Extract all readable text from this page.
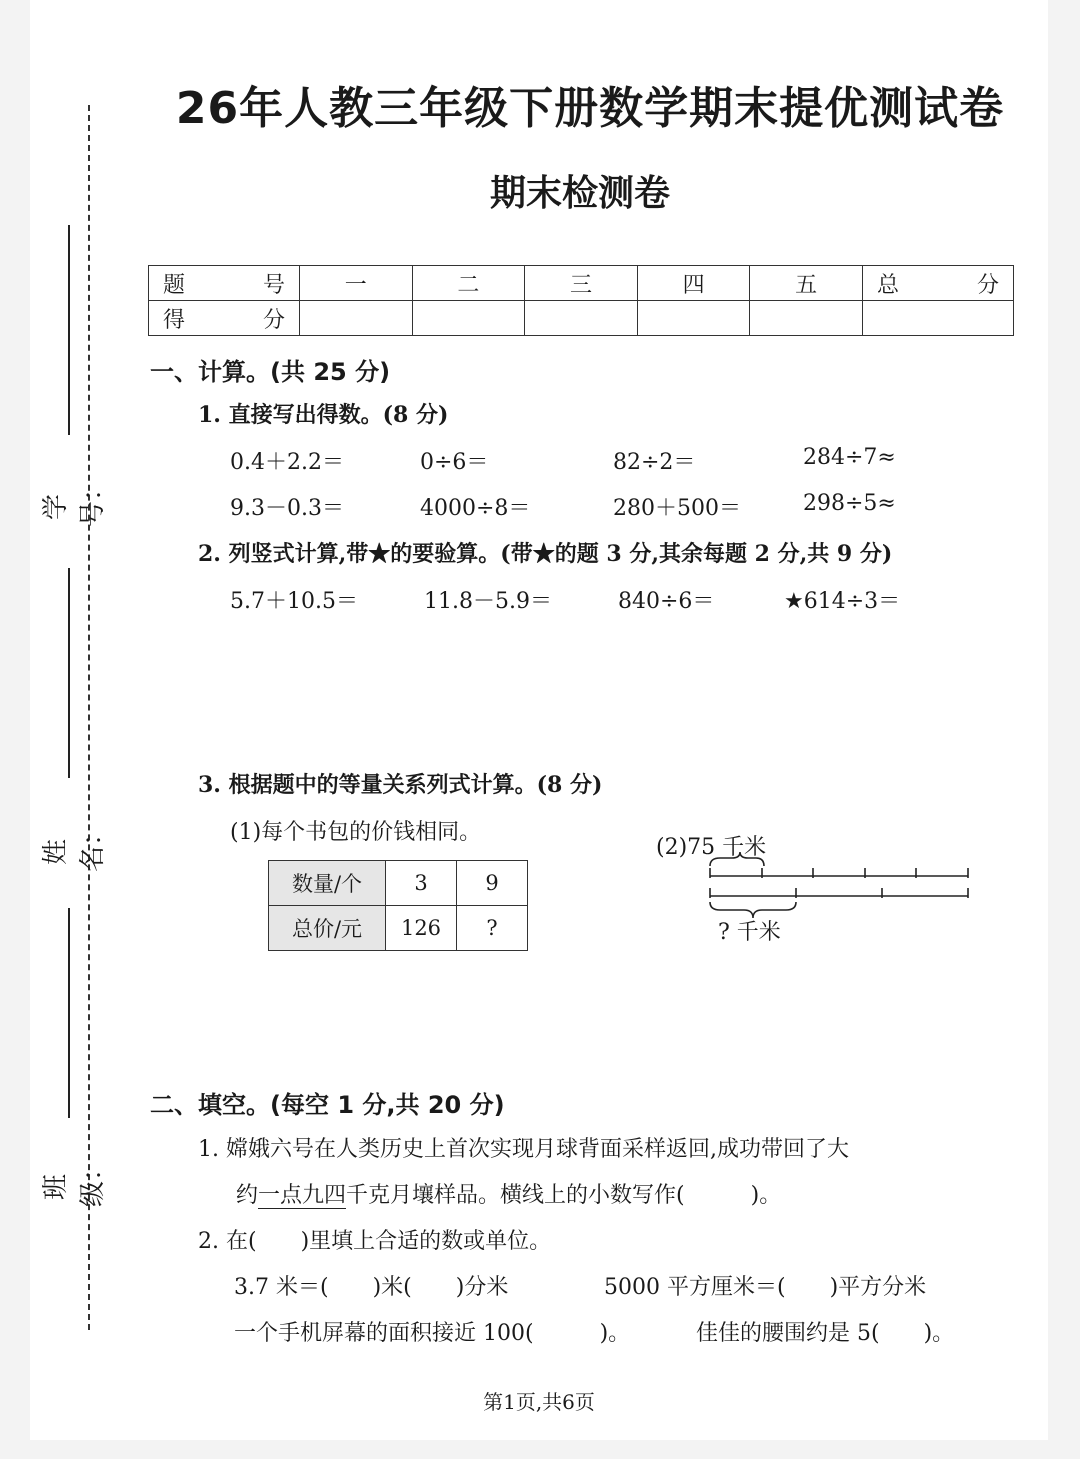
学号：
姓名：
班级：
26年人教三年级下册数学期末提优测试卷
期末检测卷
题号	一	二	三	四	五	总分
得分						
一、计算。(共 25 分)
1. 直接写出得数。(8 分)
0.4＋2.2＝	0÷6＝	82÷2＝	284÷7≈
9.3－0.3＝	4000÷8＝	280＋500＝	298÷5≈
2. 列竖式计算,带★的要验算。(带★的题 3 分,其余每题 2 分,共 9 分)
5.7＋10.5＝	11.8－5.9＝	840÷6＝	★614÷3＝
3. 根据题中的等量关系列式计算。(8 分)
(1)每个书包的价钱相同。
数量/个	3	9
总价/元	126	?
(2)75 千米
? 千米
二、填空。(每空 1 分,共 20 分)
1. 嫦娥六号在人类历史上首次实现月球背面采样返回,成功带回了大
约一点九四千克月壤样品。横线上的小数写作(　　　)。
2. 在(　　)里填上合适的数或单位。
3.7 米＝(　　)米(　　)分米	5000 平方厘米＝(　　)平方分米
一个手机屏幕的面积接近 100(　　　)。	佳佳的腰围约是 5(　　)。
第1页,共6页
